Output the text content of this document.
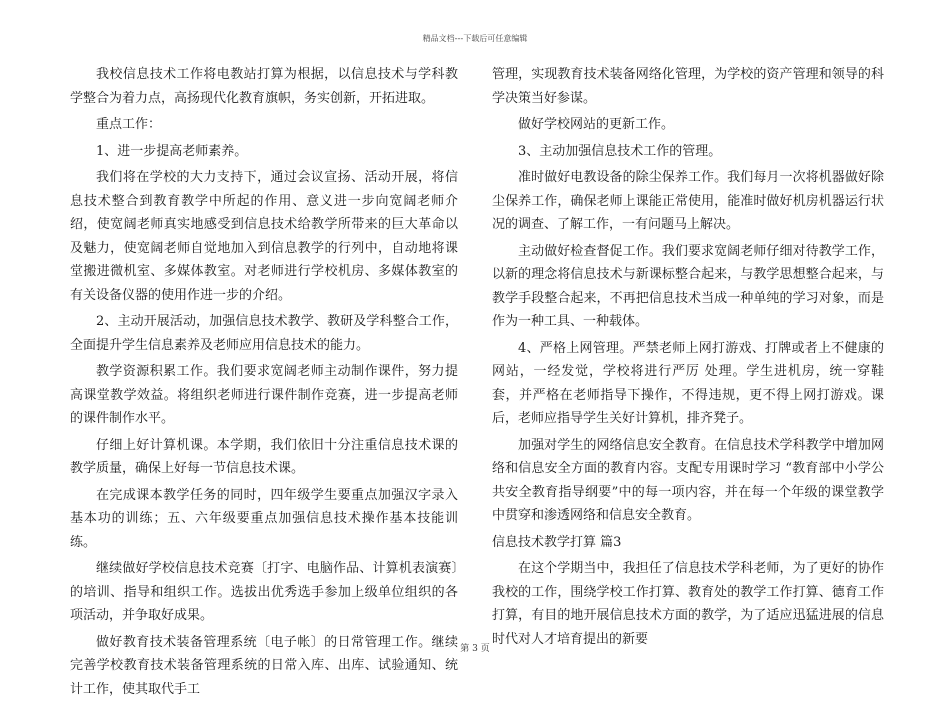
精品文档---下载后可任意编辑

我校信息技术工作将电教站打算为根据，以信息技术与学科教学整合为着力点，高扬现代化教育旗帜，务实创新，开拓进取。

重点工作：

1、进一步提高老师素养。

我们将在学校的大力支持下，通过会议宣扬、活动开展，将信息技术整合到教育教学中所起的作用、意义进一步向宽阔老师介绍，使宽阔老师真实地感受到信息技术给教学所带来的巨大革命以及魅力，使宽阔老师自觉地加入到信息教学的行列中，自动地将课堂搬进微机室、多媒体教室。对老师进行学校机房、多媒体教室的有关设备仪器的使用作进一步的介绍。

2、主动开展活动，加强信息技术教学、教研及学科整合工作，全面提升学生信息素养及老师应用信息技术的能力。

教学资源积累工作。我们要求宽阔老师主动制作课件，努力提高课堂教学效益。将组织老师进行课件制作竞赛，进一步提高老师的课件制作水平。

仔细上好计算机课。本学期，我们依旧十分注重信息技术课的教学质量，确保上好每一节信息技术课。

在完成课本教学任务的同时，四年级学生要重点加强汉字录入基本功的训练；五、六年级要重点加强信息技术操作基本技能训练。

继续做好学校信息技术竞赛〔打字、电脑作品、计算机表演赛〕的培训、指导和组织工作。选拔出优秀选手参加上级单位组织的各项活动，并争取好成果。

做好教育技术装备管理系统〔电子帐〕的日常管理工作。继续完善学校教育技术装备管理系统的日常入库、出库、试验通知、统计工作，使其取代手工

管理，实现教育技术装备网络化管理，为学校的资产管理和领导的科学决策当好参谋。

做好学校网站的更新工作。

3、主动加强信息技术工作的管理。

准时做好电教设备的除尘保养工作。我们每月一次将机器做好除尘保养工作，确保老师上课能正常使用，能准时做好机房机器运行状况的调查、了解工作，一有问题马上解决。

主动做好检查督促工作。我们要求宽阔老师仔细对待教学工作，以新的理念将信息技术与新课标整合起来，与教学思想整合起来，与教学手段整合起来，不再把信息技术当成一种单纯的学习对象，而是作为一种工具、一种载体。

4、严格上网管理。严禁老师上网打游戏、打牌或者上不健康的网站，一经发觉，学校将进行严厉 处理。学生进机房，统一穿鞋套，并严格在老师指导下操作，不得违规，更不得上网打游戏。课后，老师应指导学生关好计算机，排齐凳子。

加强对学生的网络信息安全教育。在信息技术学科教学中增加网络和信息安全方面的教育内容。支配专用课时学习 “教育部中小学公共安全教育指导纲要”中的每一项内容，并在每一个年级的课堂教学中贯穿和渗透网络和信息安全教育。

信息技术教学打算 篇3

在这个学期当中，我担任了信息技术学科老师，为了更好的协作我校的工作，围绕学校工作打算、教育处的教学工作打算、德育工作打算，有目的地开展信息技术方面的教学，为了适应迅猛进展的信息时代对人才培育提出的新要

第 3 页
